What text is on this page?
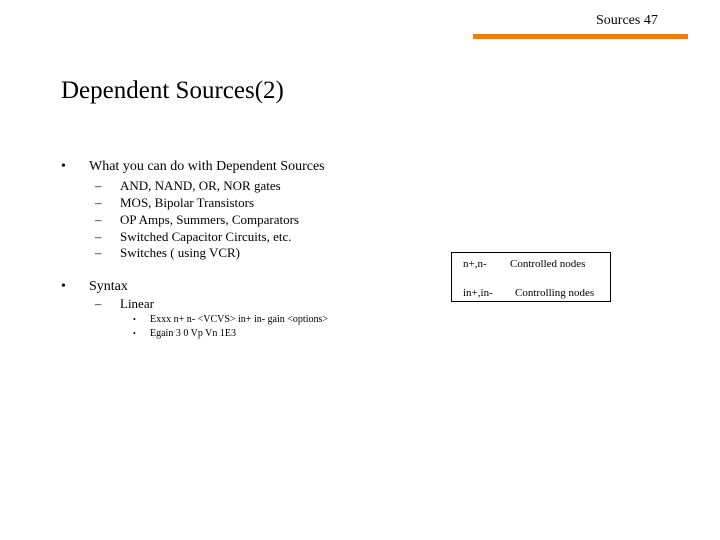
Sources 47
Dependent Sources(2)
• What you can do with Dependent Sources
– AND, NAND, OR, NOR gates
– MOS, Bipolar Transistors
– OP Amps, Summers, Comparators
– Switched Capacitor Circuits, etc.
– Switches ( using VCR)
• Syntax
– Linear
• Exxx n+ n- <VCVS> in+ in- gain <options>
• Egain 3 0 Vp Vn 1E3
n+,n- Controlled nodes
in+,in- Controlling nodes
